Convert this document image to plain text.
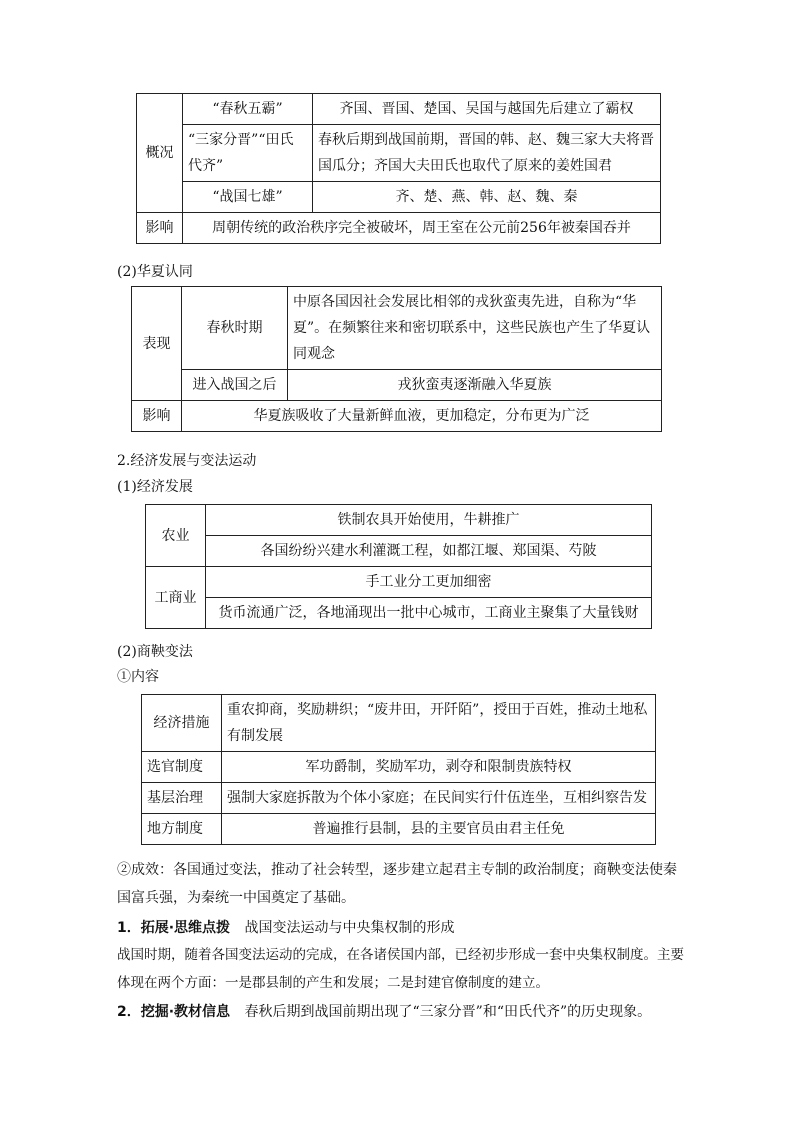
概况	“春秋五霸”	齐国、晋国、楚国、吴国与越国先后建立了霸权
	“三家分晋”“田氏代齐”	春秋后期到战国前期，晋国的韩、赵、魏三家大夫将晋国瓜分；齐国大夫田氏也取代了原来的姜姓国君
	“战国七雄”	齐、楚、燕、韩、赵、魏、秦
影响	周朝传统的政治秩序完全被破坏，周王室在公元前256年被秦国吞并	
(2)华夏认同
表现	春秋时期	中原各国因社会发展比相邻的戎狄蛮夷先进，自称为“华夏”。在频繁往来和密切联系中，这些民族也产生了华夏认同观念
	进入战国之后	戎狄蛮夷逐渐融入华夏族
影响	华夏族吸收了大量新鲜血液，更加稳定，分布更为广泛	
2.经济发展与变法运动
(1)经济发展
农业	铁制农具开始使用，牛耕推广
	各国纷纷兴建水利灌溉工程，如都江堰、郑国渠、芍陂
工商业	手工业分工更加细密
	货币流通广泛，各地涌现出一批中心城市，工商业主聚集了大量钱财
(2)商鞅变法
①内容
经济措施	重农抑商，奖励耕织；“废井田，开阡陌”，授田于百姓，推动土地私有制发展
选官制度	军功爵制，奖励军功，剥夺和限制贵族特权
基层治理	强制大家庭拆散为个体小家庭；在民间实行什伍连坐，互相纠察告发
地方制度	普遍推行县制，县的主要官员由君主任免
②成效：各国通过变法，推动了社会转型，逐步建立起君主专制的政治制度；商鞅变法使秦国富兵强，为秦统一中国奠定了基础。
1．拓展·思维点拨 战国变法运动与中央集权制的形成
战国时期，随着各国变法运动的完成，在各诸侯国内部，已经初步形成一套中央集权制度。主要体现在两个方面：一是郡县制的产生和发展；二是封建官僚制度的建立。
2．挖掘·教材信息 春秋后期到战国前期出现了“三家分晋”和“田氏代齐”的历史现象。
